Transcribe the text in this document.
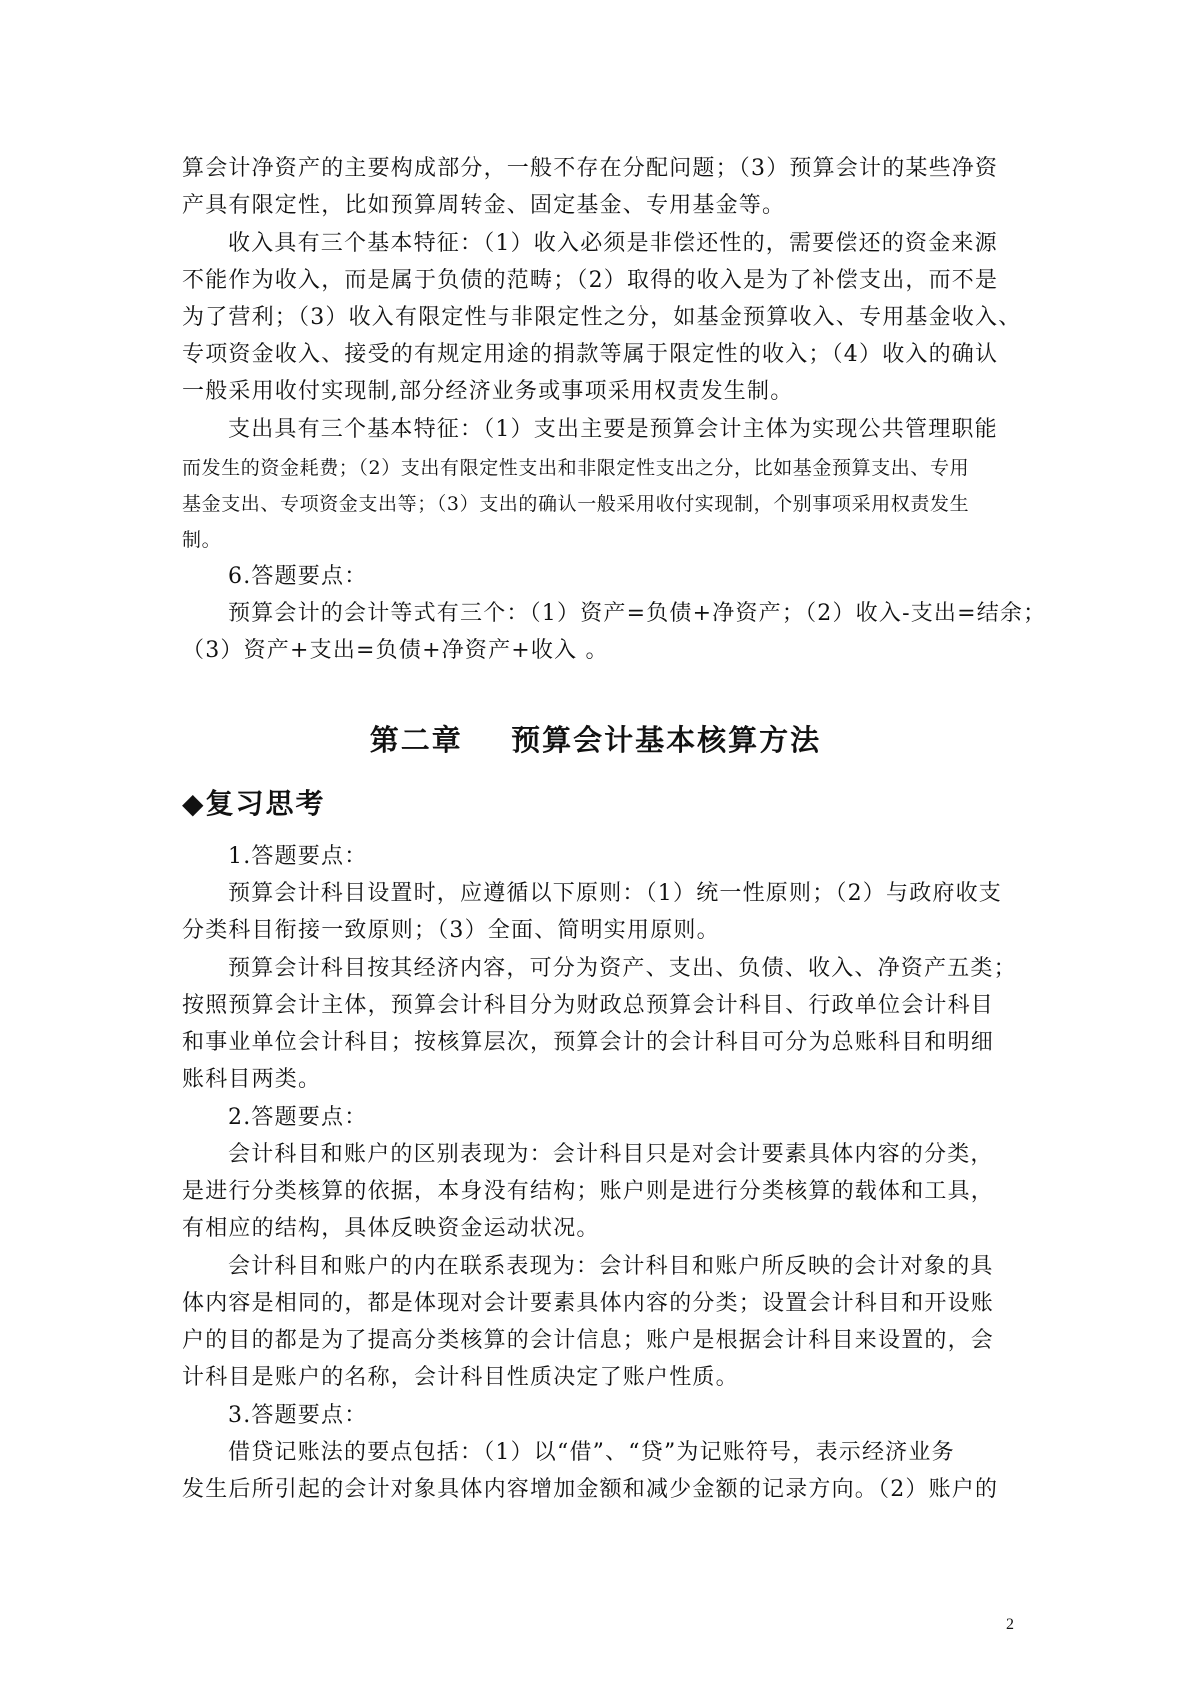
算会计净资产的主要构成部分，一般不存在分配问题；（3）预算会计的某些净资
产具有限定性，比如预算周转金、固定基金、专用基金等。
收入具有三个基本特征：（1）收入必须是非偿还性的，需要偿还的资金来源
不能作为收入，而是属于负债的范畴；（2）取得的收入是为了补偿支出，而不是
为了营利；（3）收入有限定性与非限定性之分，如基金预算收入、专用基金收入、
专项资金收入、接受的有规定用途的捐款等属于限定性的收入；（4）收入的确认
一般采用收付实现制,部分经济业务或事项采用权责发生制。
支出具有三个基本特征：（1）支出主要是预算会计主体为实现公共管理职能
而发生的资金耗费；（2）支出有限定性支出和非限定性支出之分，比如基金预算支出、专用
基金支出、专项资金支出等；（3）支出的确认一般采用收付实现制，个别事项采用权责发生
制。
6.答题要点：
预算会计的会计等式有三个：（1）资产=负债+净资产；（2）收入-支出=结余；
（3）资产+支出=负债+净资产+收入 。
第二章    预算会计基本核算方法
◆复习思考
1.答题要点：
预算会计科目设置时，应遵循以下原则：（1）统一性原则；（2）与政府收支
分类科目衔接一致原则；（3）全面、简明实用原则。
预算会计科目按其经济内容，可分为资产、支出、负债、收入、净资产五类；
按照预算会计主体，预算会计科目分为财政总预算会计科目、行政单位会计科目
和事业单位会计科目；按核算层次，预算会计的会计科目可分为总账科目和明细
账科目两类。
2.答题要点：
会计科目和账户的区别表现为：会计科目只是对会计要素具体内容的分类，
是进行分类核算的依据，本身没有结构；账户则是进行分类核算的载体和工具，
有相应的结构，具体反映资金运动状况。
会计科目和账户的内在联系表现为：会计科目和账户所反映的会计对象的具
体内容是相同的，都是体现对会计要素具体内容的分类；设置会计科目和开设账
户的目的都是为了提高分类核算的会计信息；账户是根据会计科目来设置的，会
计科目是账户的名称，会计科目性质决定了账户性质。
3.答题要点：
借贷记账法的要点包括：（1）以“借”、“贷”为记账符号，表示经济业务
发生后所引起的会计对象具体内容增加金额和减少金额的记录方向。（2）账户的
2
